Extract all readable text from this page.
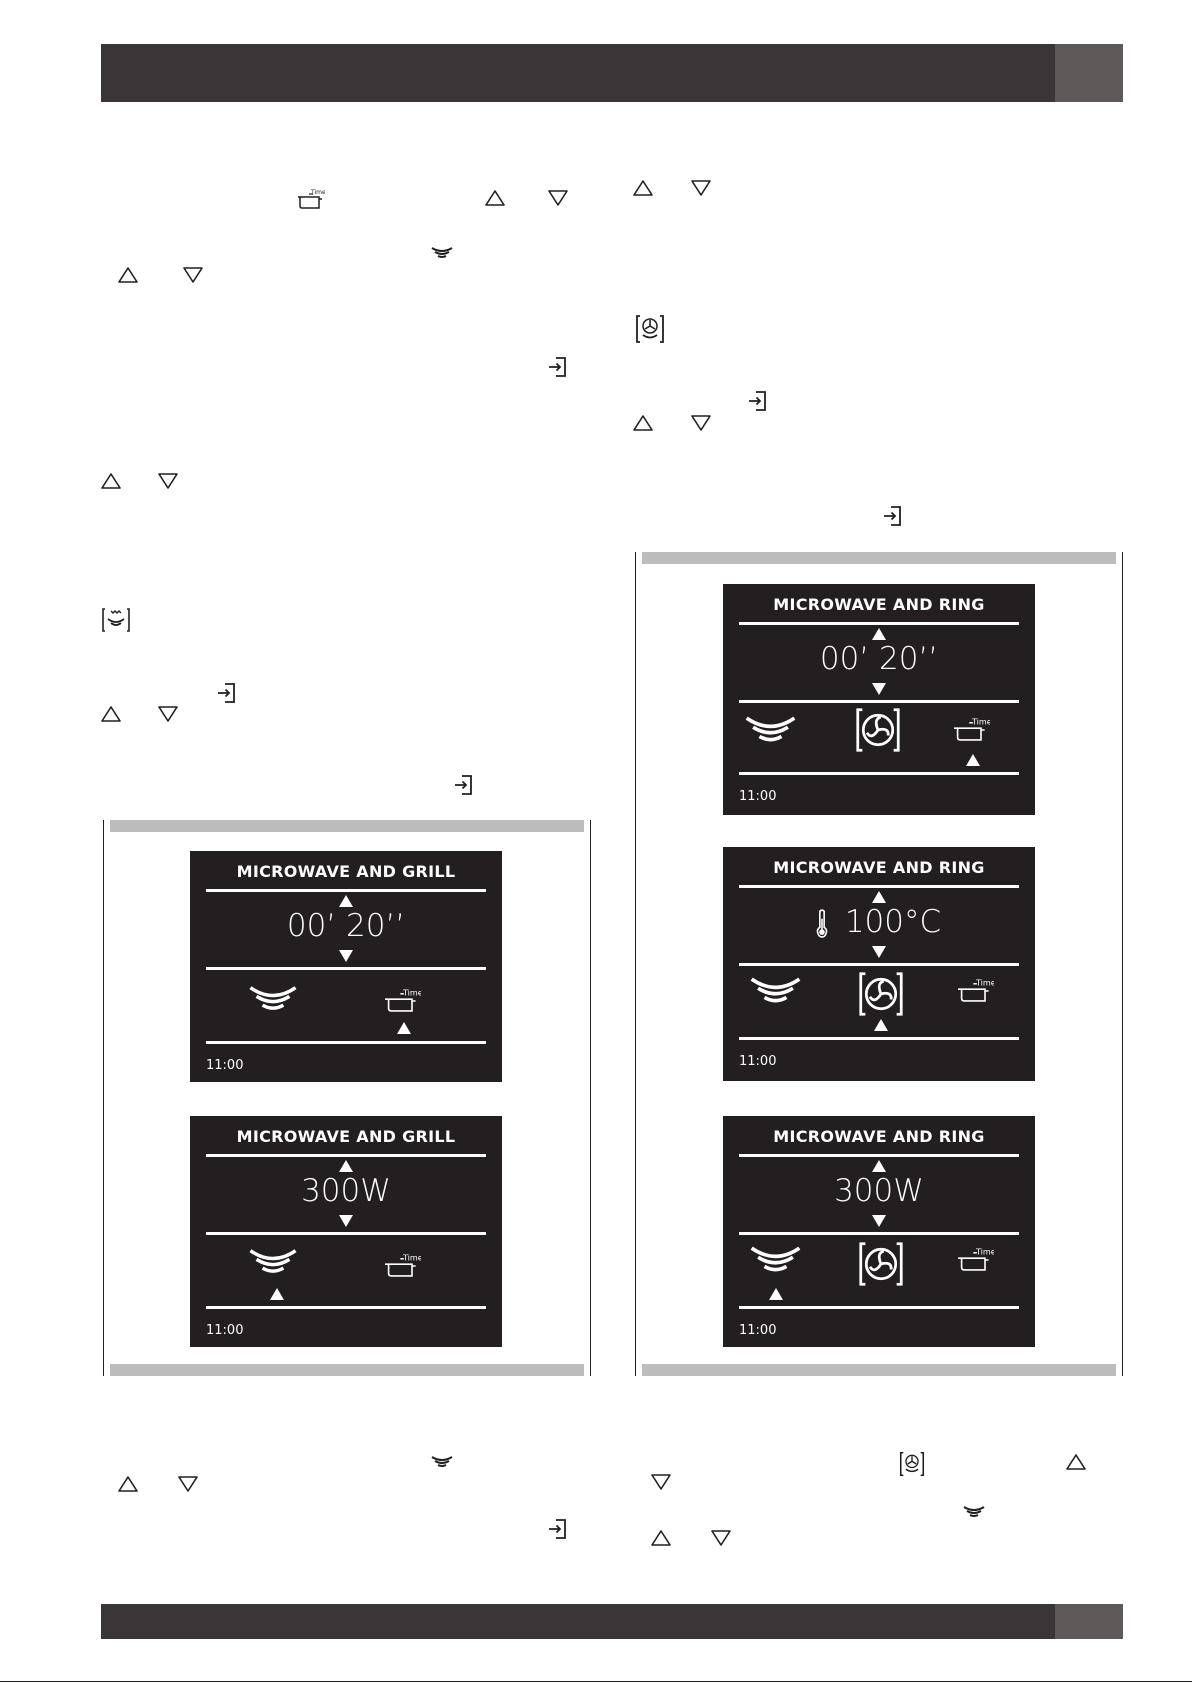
MICROWAVE AND GRILL
00’ 20’’
11:00
MICROWAVE AND GRILL
300W
11:00
MICROWAVE AND RING
00’ 20’’
11:00
MICROWAVE AND RING
100°C
11:00
MICROWAVE AND RING
300W
11:00
